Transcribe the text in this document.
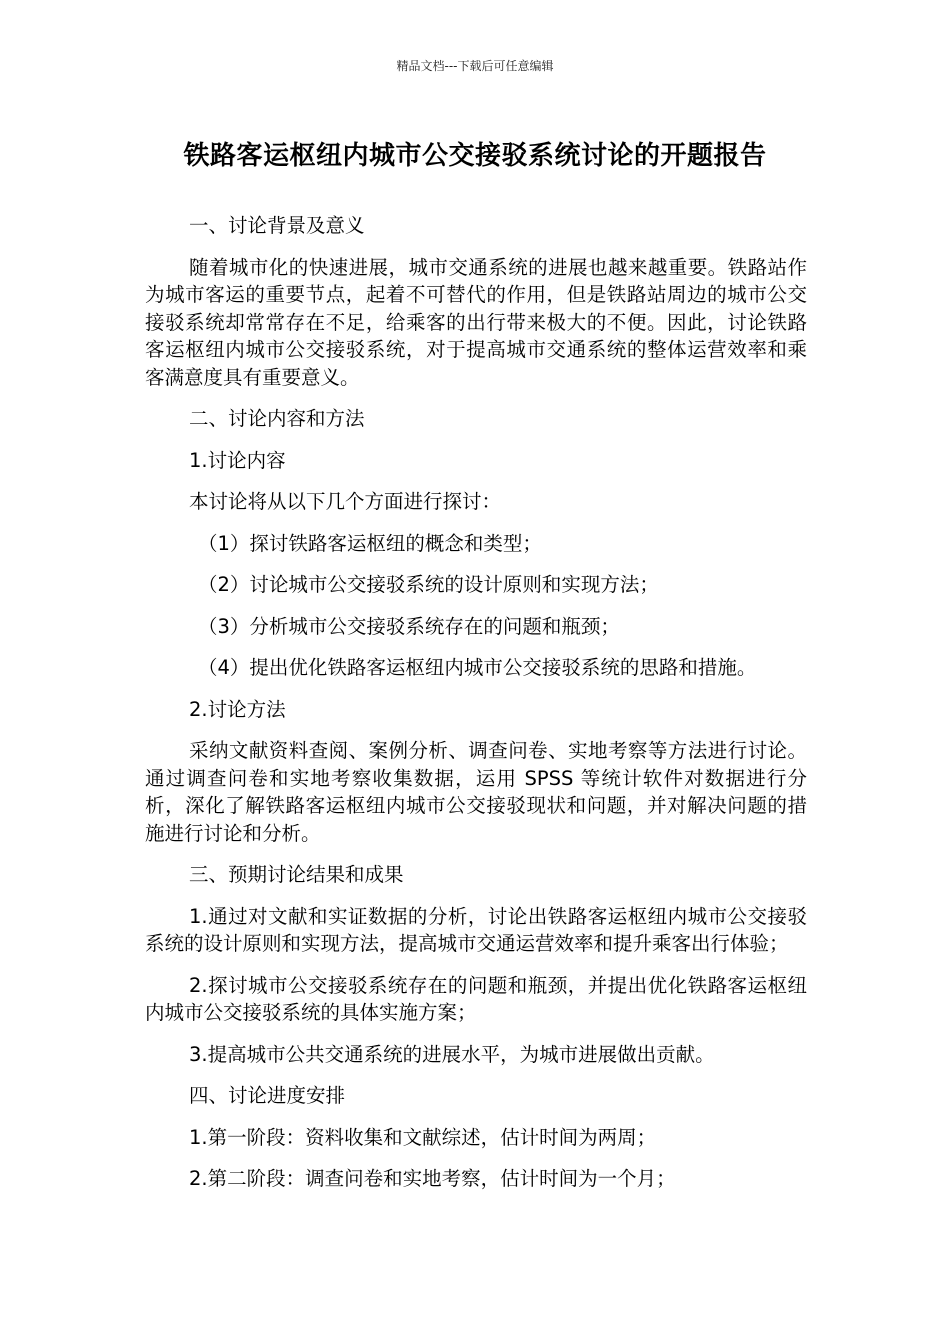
精品文档---下载后可任意编辑
铁路客运枢纽内城市公交接驳系统讨论的开题报告

一、讨论背景及意义

随着城市化的快速进展，城市交通系统的进展也越来越重要。铁路站作为城市客运的重要节点，起着不可替代的作用，但是铁路站周边的城市公交接驳系统却常常存在不足，给乘客的出行带来极大的不便。因此，讨论铁路客运枢纽内城市公交接驳系统，对于提高城市交通系统的整体运营效率和乘客满意度具有重要意义。

二、讨论内容和方法

1.讨论内容

本讨论将从以下几个方面进行探讨：

（1）探讨铁路客运枢纽的概念和类型；

（2）讨论城市公交接驳系统的设计原则和实现方法；

（3）分析城市公交接驳系统存在的问题和瓶颈；

（4）提出优化铁路客运枢纽内城市公交接驳系统的思路和措施。

2.讨论方法

采纳文献资料查阅、案例分析、调查问卷、实地考察等方法进行讨论。通过调查问卷和实地考察收集数据，运用 SPSS 等统计软件对数据进行分析，深化了解铁路客运枢纽内城市公交接驳现状和问题，并对解决问题的措施进行讨论和分析。

三、预期讨论结果和成果

1.通过对文献和实证数据的分析，讨论出铁路客运枢纽内城市公交接驳系统的设计原则和实现方法，提高城市交通运营效率和提升乘客出行体验；

2.探讨城市公交接驳系统存在的问题和瓶颈，并提出优化铁路客运枢纽内城市公交接驳系统的具体实施方案；

3.提高城市公共交通系统的进展水平，为城市进展做出贡献。

四、讨论进度安排

1.第一阶段：资料收集和文献综述，估计时间为两周；

2.第二阶段：调查问卷和实地考察，估计时间为一个月；
